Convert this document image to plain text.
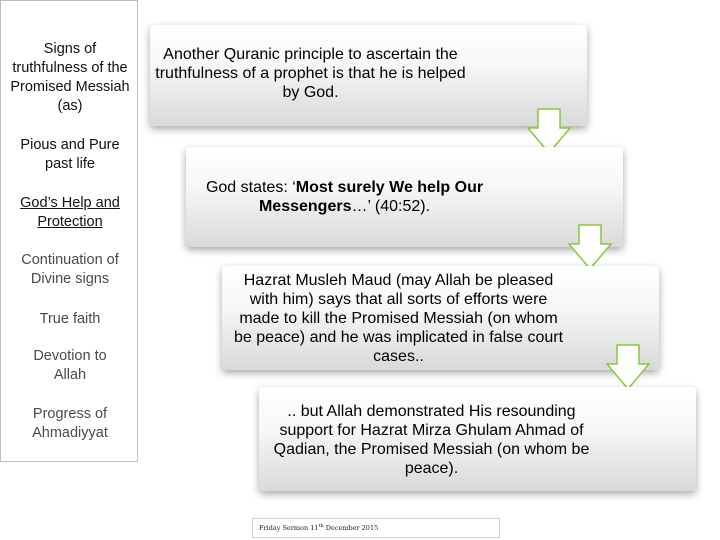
Signs of truthfulness of the Promised Messiah (as)
Pious and Pure past life
God’s Help and Protection
Continuation of Divine signs
True faith
Devotion to Allah
Progress of Ahmadiyyat
Another Quranic principle to ascertain the truthfulness of a prophet is that he is helped by God.
God states: ‘Most surely We help Our Messengers…’ (40:52).
Hazrat Musleh Maud (may Allah be pleased with him) says that all sorts of efforts were made to kill the Promised Messiah (on whom be peace) and he was implicated in false court cases..
.. but Allah demonstrated His resounding support for Hazrat Mirza Ghulam Ahmad of Qadian, the Promised Messiah (on whom be peace).
Friday Sermon 11th December 2015
